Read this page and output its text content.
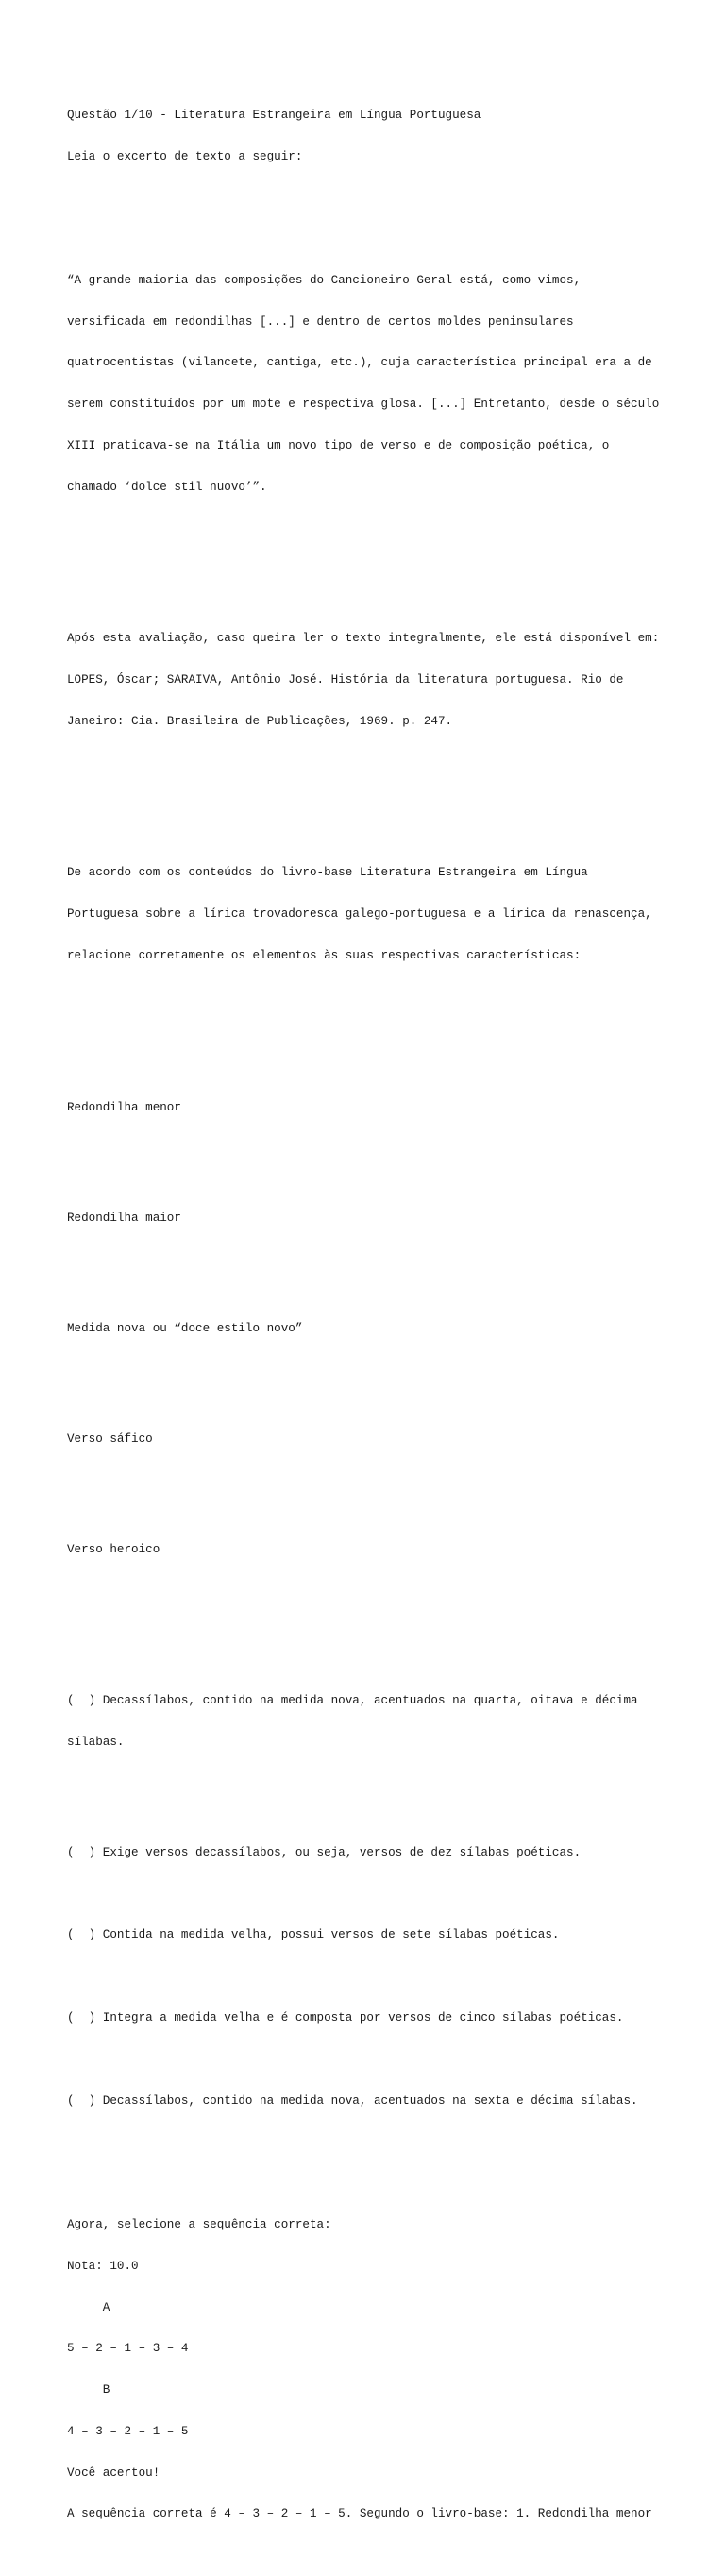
Questão 1/10 - Literatura Estrangeira em Língua Portuguesa

Leia o excerto de texto a seguir:

“A grande maioria das composições do Cancioneiro Geral está, como vimos,

versificada em redondilhas [...] e dentro de certos moldes peninsulares

quatrocentistas (vilancete, cantiga, etc.), cuja característica principal era a de

serem constituídos por um mote e respectiva glosa. [...] Entretanto, desde o século

XIII praticava-se na Itália um novo tipo de verso e de composição poética, o

chamado ‘dolce stil nuovo’”.

Após esta avaliação, caso queira ler o texto integralmente, ele está disponível em:

LOPES, Óscar; SARAIVA, Antônio José. História da literatura portuguesa. Rio de

Janeiro: Cia. Brasileira de Publicações, 1969. p. 247.

De acordo com os conteúdos do livro-base Literatura Estrangeira em Língua

Portuguesa sobre a lírica trovadoresca galego-portuguesa e a lírica da renascença,

relacione corretamente os elementos às suas respectivas características:

Redondilha menor

Redondilha maior

Medida nova ou “doce estilo novo”

Verso sáfico

Verso heroico

(  ) Decassílabos, contido na medida nova, acentuados na quarta, oitava e décima

sílabas.

(  ) Exige versos decassílabos, ou seja, versos de dez sílabas poéticas.

(  ) Contida na medida velha, possui versos de sete sílabas poéticas.

(  ) Integra a medida velha e é composta por versos de cinco sílabas poéticas.

(  ) Decassílabos, contido na medida nova, acentuados na sexta e décima sílabas.

Agora, selecione a sequência correta:

Nota: 10.0

A

5 – 2 – 1 – 3 – 4

B

4 – 3 – 2 – 1 – 5

Você acertou!

A sequência correta é 4 – 3 – 2 – 1 – 5. Segundo o livro-base: 1. Redondilha menor
